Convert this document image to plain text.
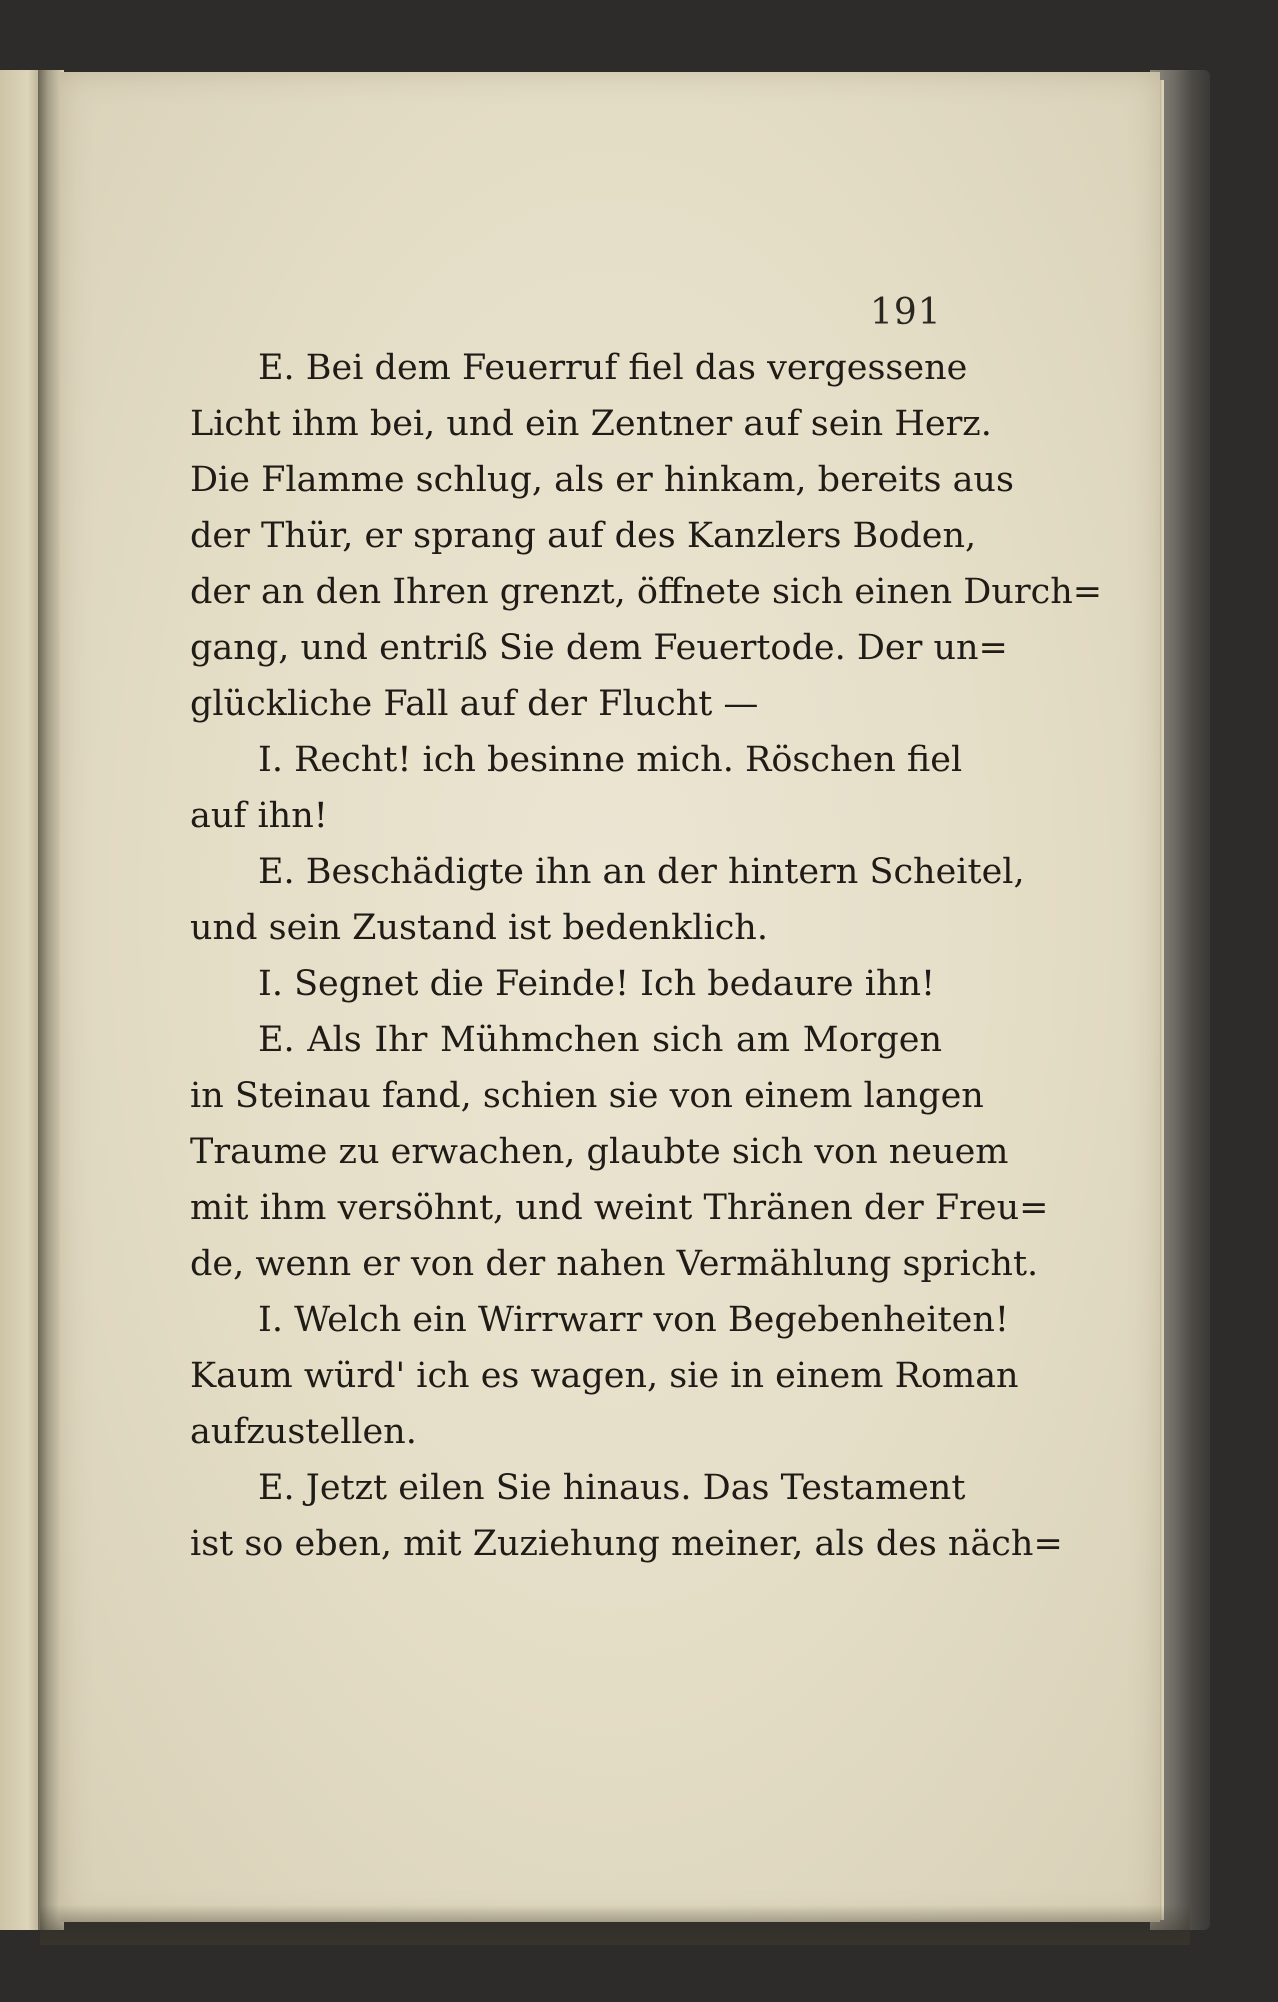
191
E. Bei dem Feuerruf fiel das vergessene
Licht ihm bei, und ein Zentner auf sein Herz.
Die Flamme schlug, als er hinkam, bereits aus
der Thür, er sprang auf des Kanzlers Boden,
der an den Ihren grenzt, öffnete sich einen Durch=
gang, und entriß Sie dem Feuertode. Der un=
glückliche Fall auf der Flucht —
I. Recht! ich besinne mich. Röschen fiel
auf ihn!
E. Beschädigte ihn an der hintern Scheitel,
und sein Zustand ist bedenklich.
I. Segnet die Feinde! Ich bedaure ihn!
E. Als Ihr Mühmchen sich am Morgen
in Steinau fand, schien sie von einem langen
Traume zu erwachen, glaubte sich von neuem
mit ihm versöhnt, und weint Thränen der Freu=
de, wenn er von der nahen Vermählung spricht.
I. Welch ein Wirrwarr von Begebenheiten!
Kaum würd' ich es wagen, sie in einem Roman
aufzustellen.
E. Jetzt eilen Sie hinaus. Das Testament
ist so eben, mit Zuziehung meiner, als des näch=
